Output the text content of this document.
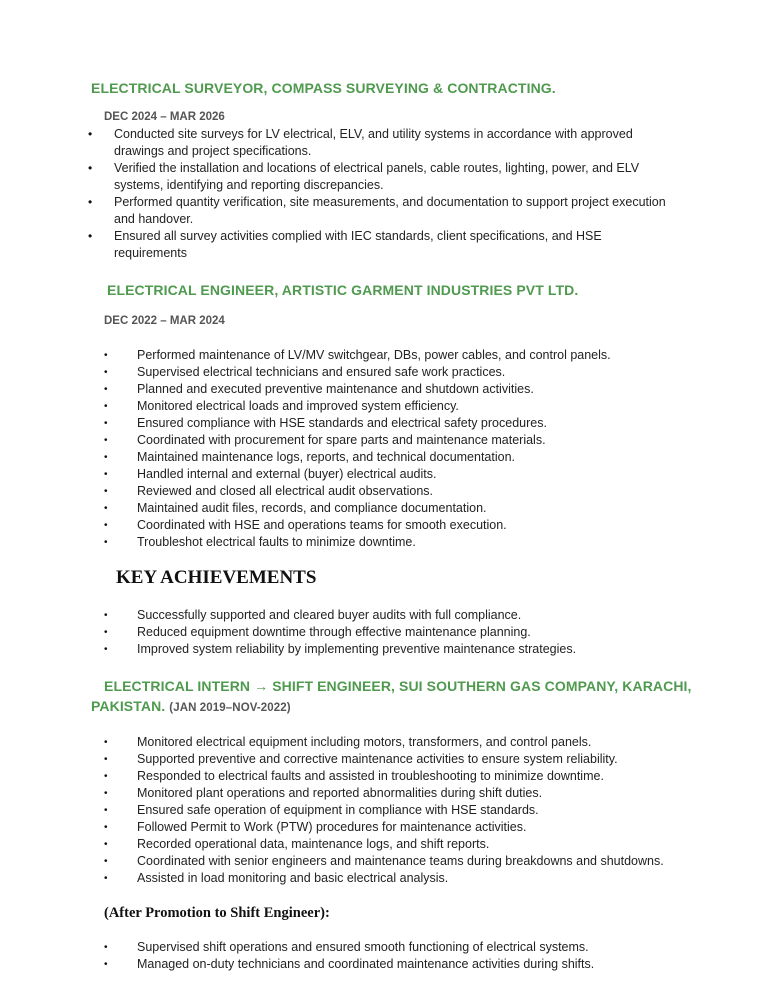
ELECTRICAL SURVEYOR, COMPASS SURVEYING & CONTRACTING.
DEC 2024 – MAR 2026
• Conducted site surveys for LV electrical, ELV, and utility systems in accordance with approved drawings and project specifications.
• Verified the installation and locations of electrical panels, cable routes, lighting, power, and ELV systems, identifying and reporting discrepancies.
• Performed quantity verification, site measurements, and documentation to support project execution and handover.
• Ensured all survey activities complied with IEC standards, client specifications, and HSE requirements
ELECTRICAL ENGINEER, ARTISTIC GARMENT INDUSTRIES PVT LTD.
DEC 2022 – MAR 2024
• Performed maintenance of LV/MV switchgear, DBs, power cables, and control panels.
• Supervised electrical technicians and ensured safe work practices.
• Planned and executed preventive maintenance and shutdown activities.
• Monitored electrical loads and improved system efficiency.
• Ensured compliance with HSE standards and electrical safety procedures.
• Coordinated with procurement for spare parts and maintenance materials.
• Maintained maintenance logs, reports, and technical documentation.
• Handled internal and external (buyer) electrical audits.
• Reviewed and closed all electrical audit observations.
• Maintained audit files, records, and compliance documentation.
• Coordinated with HSE and operations teams for smooth execution.
• Troubleshot electrical faults to minimize downtime.
KEY ACHIEVEMENTS
• Successfully supported and cleared buyer audits with full compliance.
• Reduced equipment downtime through effective maintenance planning.
• Improved system reliability by implementing preventive maintenance strategies.
ELECTRICAL INTERN → SHIFT ENGINEER, SUI SOUTHERN GAS COMPANY, KARACHI,
PAKISTAN. (JAN 2019–NOV-2022)
• Monitored electrical equipment including motors, transformers, and control panels.
• Supported preventive and corrective maintenance activities to ensure system reliability.
• Responded to electrical faults and assisted in troubleshooting to minimize downtime.
• Monitored plant operations and reported abnormalities during shift duties.
• Ensured safe operation of equipment in compliance with HSE standards.
• Followed Permit to Work (PTW) procedures for maintenance activities.
• Recorded operational data, maintenance logs, and shift reports.
• Coordinated with senior engineers and maintenance teams during breakdowns and shutdowns.
• Assisted in load monitoring and basic electrical analysis.
(After Promotion to Shift Engineer):
• Supervised shift operations and ensured smooth functioning of electrical systems.
• Managed on-duty technicians and coordinated maintenance activities during shifts.
